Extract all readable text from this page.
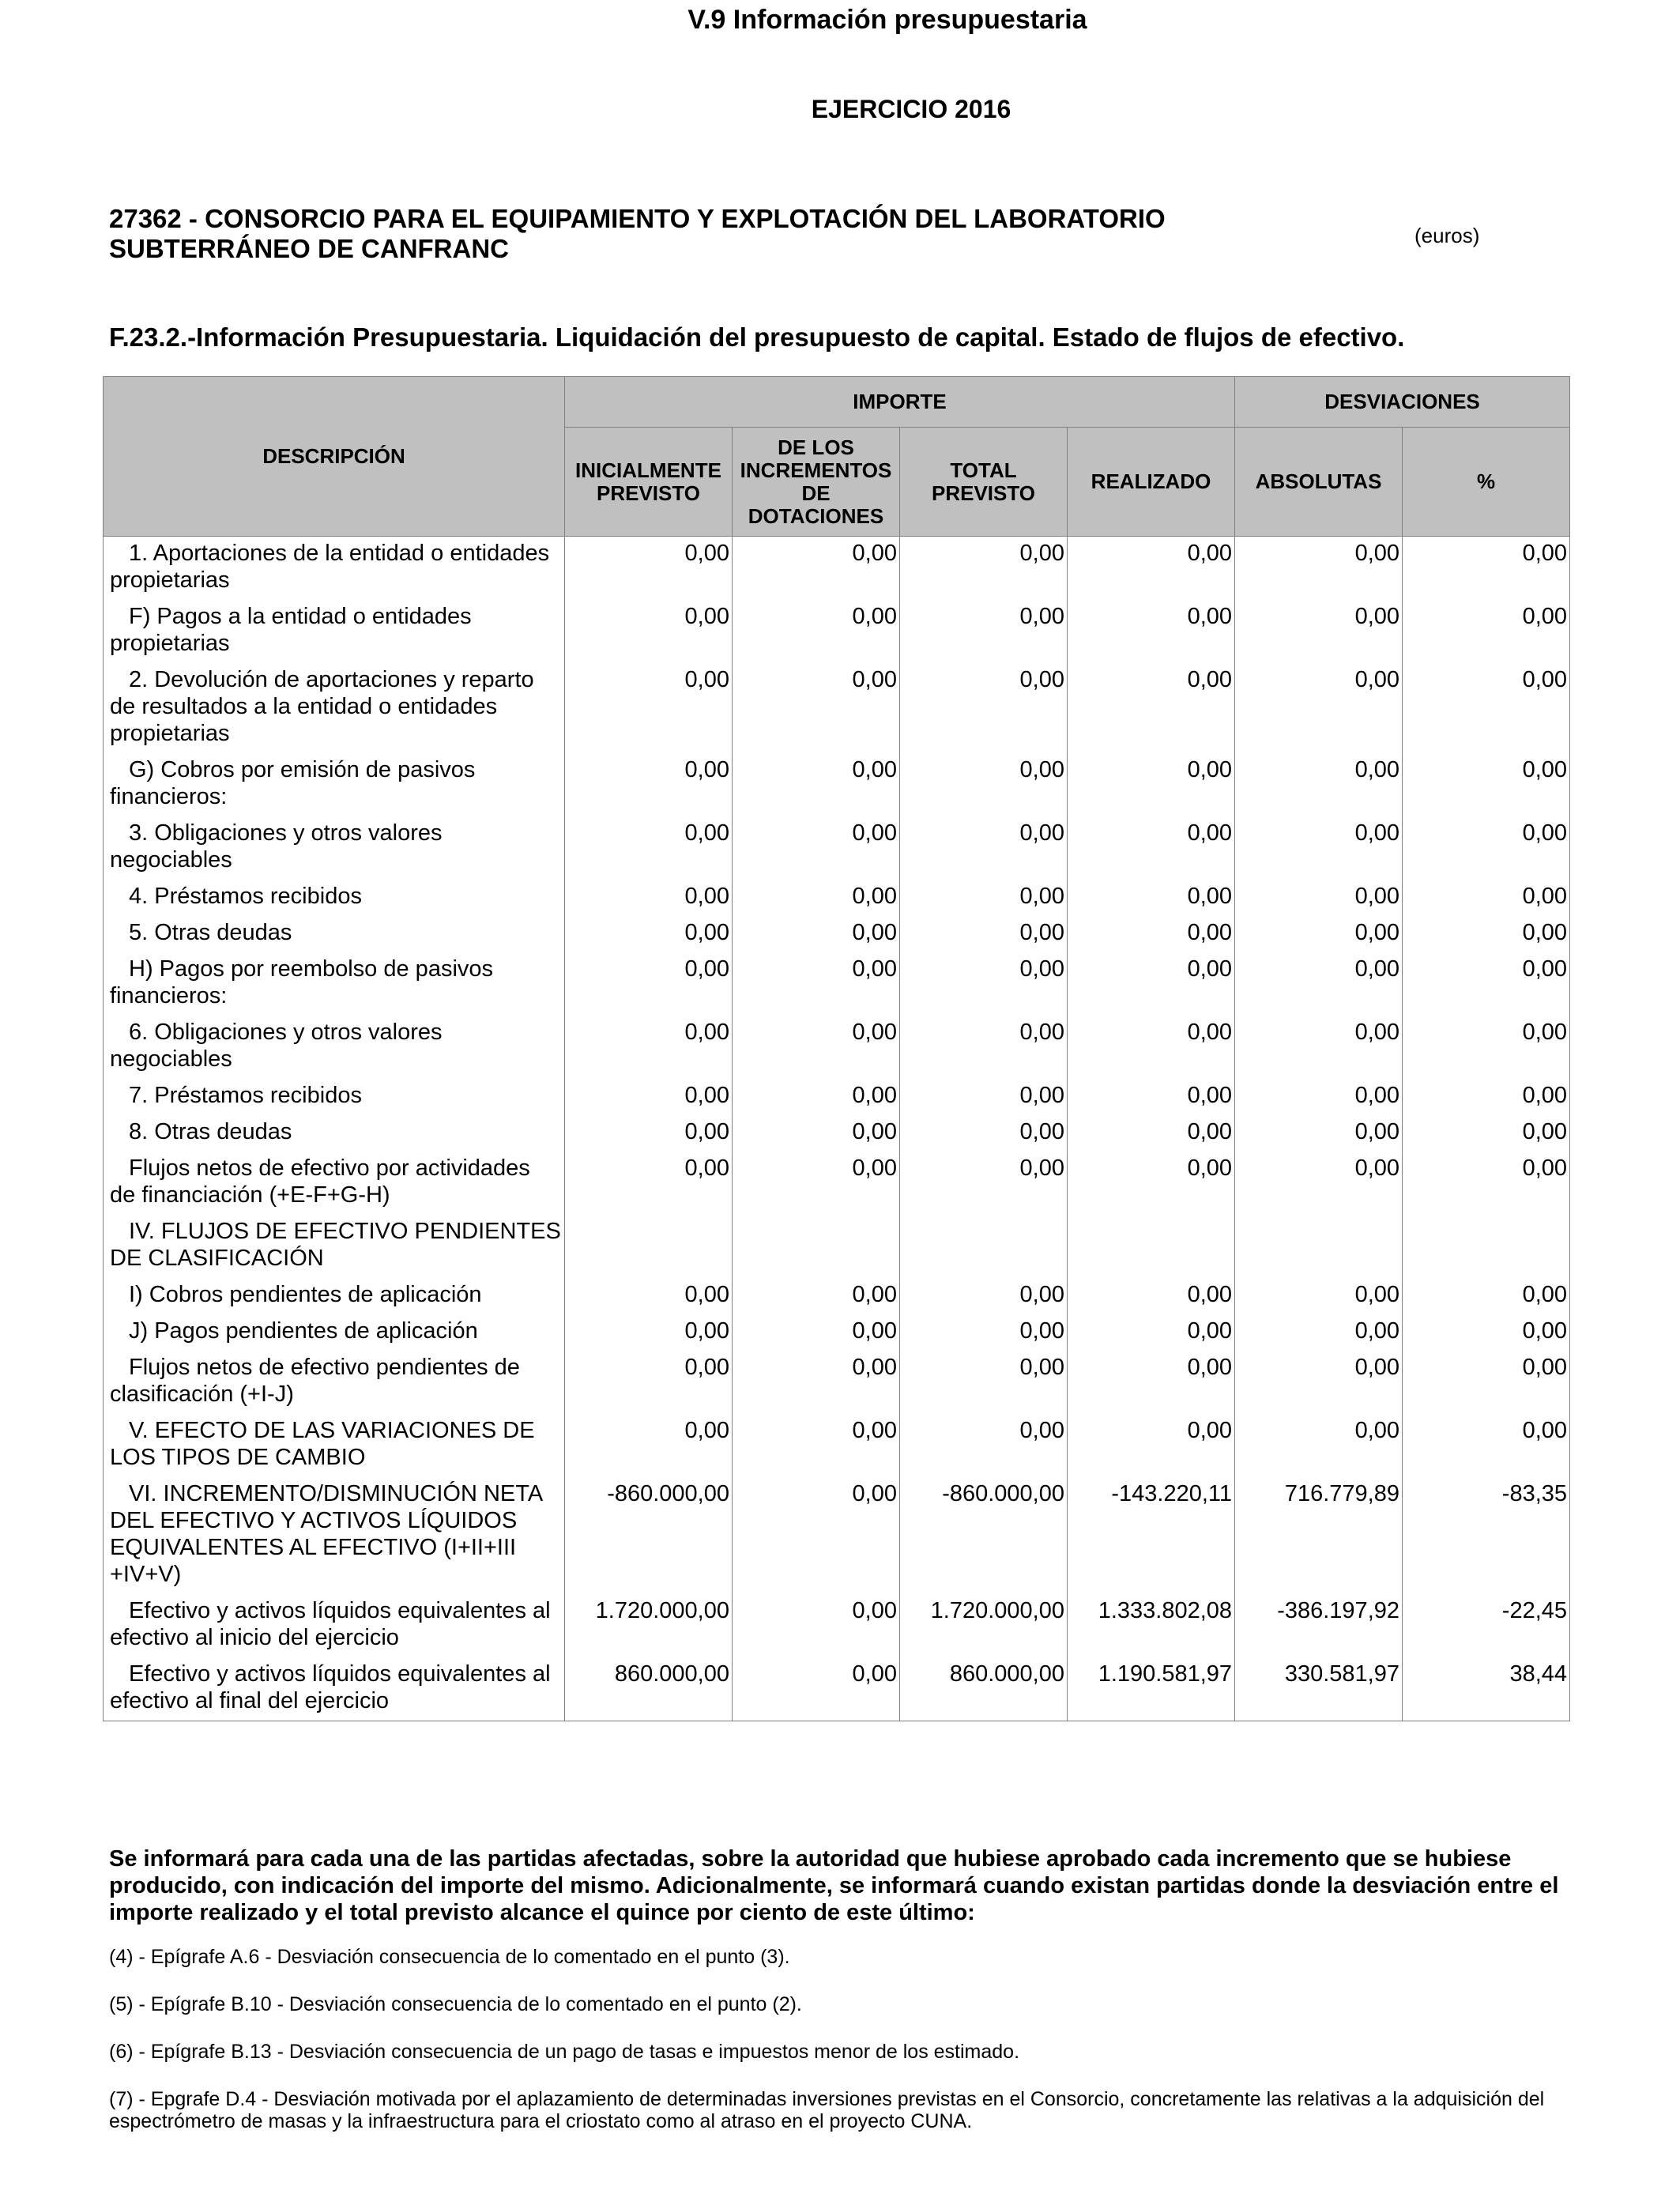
V.9 Información presupuestaria
EJERCICIO 2016
27362 - CONSORCIO PARA EL EQUIPAMIENTO Y EXPLOTACIÓN DEL LABORATORIO SUBTERRÁNEO DE CANFRANC	(euros)
F.23.2.-Información Presupuestaria. Liquidación del presupuesto de capital. Estado de flujos de efectivo.
DESCRIPCIÓN	IMPORTE				DESVIACIONES	
	INICIALMENTE PREVISTO	DE LOS INCREMENTOS DE DOTACIONES	TOTAL PREVISTO	REALIZADO	ABSOLUTAS	%
1. Aportaciones de la entidad o entidades propietarias	0,00	0,00	0,00	0,00	0,00	0,00
F) Pagos a la entidad o entidades propietarias	0,00	0,00	0,00	0,00	0,00	0,00
2. Devolución de aportaciones y reparto de resultados a la entidad o entidades propietarias	0,00	0,00	0,00	0,00	0,00	0,00
G) Cobros por emisión de pasivos financieros:	0,00	0,00	0,00	0,00	0,00	0,00
3. Obligaciones y otros valores negociables	0,00	0,00	0,00	0,00	0,00	0,00
4. Préstamos recibidos	0,00	0,00	0,00	0,00	0,00	0,00
5. Otras deudas	0,00	0,00	0,00	0,00	0,00	0,00
H) Pagos por reembolso de pasivos financieros:	0,00	0,00	0,00	0,00	0,00	0,00
6. Obligaciones y otros valores negociables	0,00	0,00	0,00	0,00	0,00	0,00
7. Préstamos recibidos	0,00	0,00	0,00	0,00	0,00	0,00
8. Otras deudas	0,00	0,00	0,00	0,00	0,00	0,00
Flujos netos de efectivo por actividades de financiación (+E-F+G-H)	0,00	0,00	0,00	0,00	0,00	0,00
IV. FLUJOS DE EFECTIVO PENDIENTES DE CLASIFICACIÓN						
I) Cobros pendientes de aplicación	0,00	0,00	0,00	0,00	0,00	0,00
J) Pagos pendientes de aplicación	0,00	0,00	0,00	0,00	0,00	0,00
Flujos netos de efectivo pendientes de clasificación (+I-J)	0,00	0,00	0,00	0,00	0,00	0,00
V. EFECTO DE LAS VARIACIONES DE LOS TIPOS DE CAMBIO	0,00	0,00	0,00	0,00	0,00	0,00
VI. INCREMENTO/DISMINUCIÓN NETA DEL EFECTIVO Y ACTIVOS LÍQUIDOS EQUIVALENTES AL EFECTIVO (I+II+III +IV+V)	-860.000,00	0,00	-860.000,00	-143.220,11	716.779,89	-83,35
Efectivo y activos líquidos equivalentes al efectivo al inicio del ejercicio	1.720.000,00	0,00	1.720.000,00	1.333.802,08	-386.197,92	-22,45
Efectivo y activos líquidos equivalentes al efectivo al final del ejercicio	860.000,00	0,00	860.000,00	1.190.581,97	330.581,97	38,44
Se informará para cada una de las partidas afectadas, sobre la autoridad que hubiese aprobado cada incremento que se hubiese producido, con indicación del importe del mismo. Adicionalmente, se informará cuando existan partidas donde la desviación entre el importe realizado y el total previsto alcance el quince por ciento de este último:
(4) - Epígrafe A.6 - Desviación consecuencia de lo comentado en el punto (3).
(5) - Epígrafe B.10 - Desviación consecuencia de lo comentado en el punto (2).
(6) - Epígrafe B.13 - Desviación consecuencia de un pago de tasas e impuestos menor de los estimado.
(7) - Epgrafe D.4 - Desviación motivada por el aplazamiento de determinadas inversiones previstas en el Consorcio, concretamente las relativas a la adquisición del espectrómetro de masas y la infraestructura para el criostato como al atraso en el proyecto CUNA.
